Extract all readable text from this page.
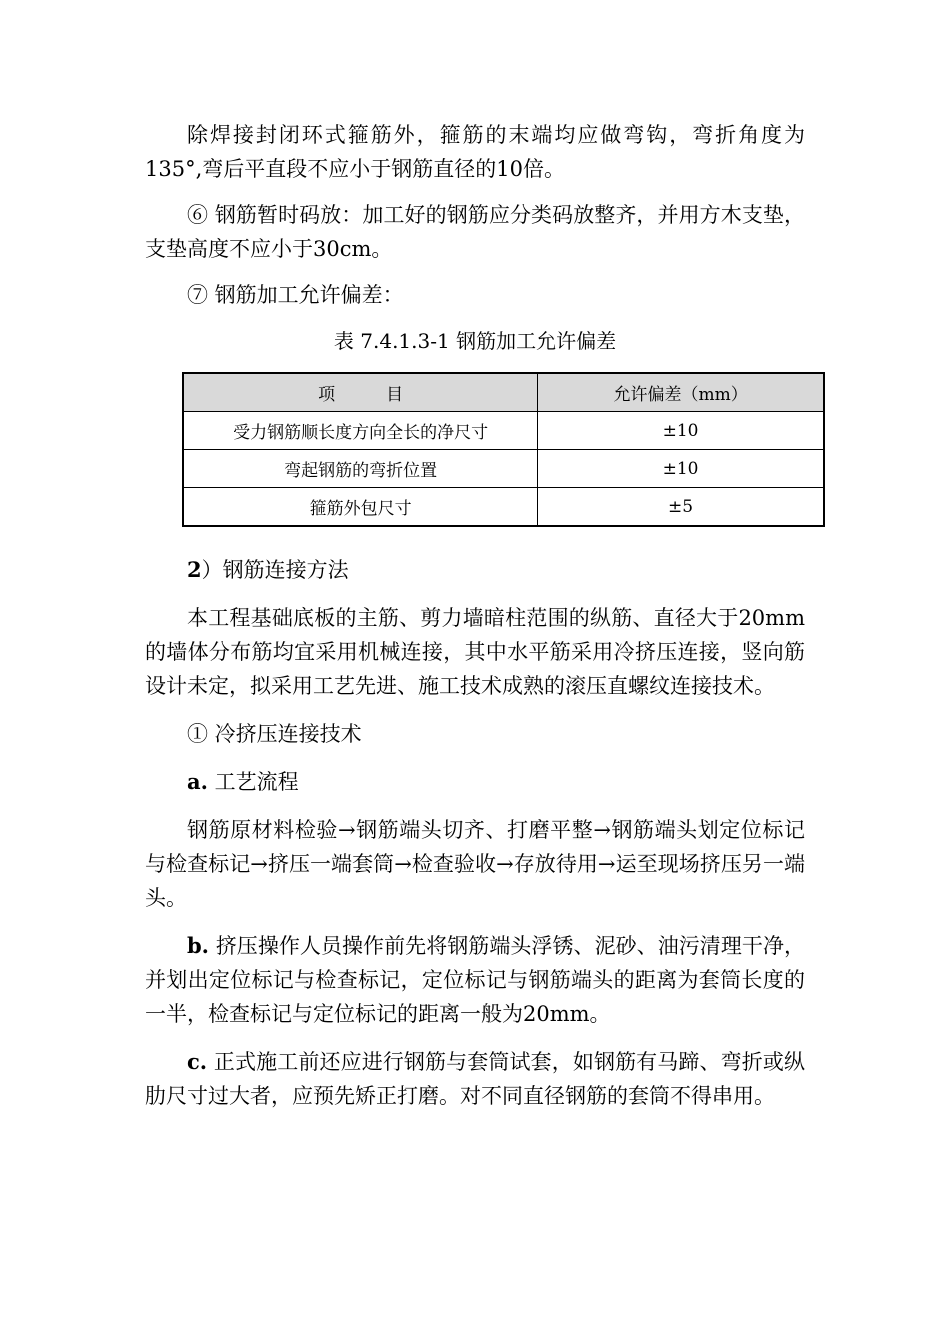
除焊接封闭环式箍筋外，箍筋的末端均应做弯钩，弯折角度为135°,弯后平直段不应小于钢筋直径的10倍。

⑥ 钢筋暂时码放：加工好的钢筋应分类码放整齐，并用方木支垫，支垫高度不应小于30cm。

⑦ 钢筋加工允许偏差：

表 7.4.1.3-1 钢筋加工允许偏差
项　　　目	允许偏差（mm）
受力钢筋顺长度方向全长的净尺寸	±10
弯起钢筋的弯折位置	±10
箍筋外包尺寸	±5

2）钢筋连接方法

本工程基础底板的主筋、剪力墙暗柱范围的纵筋、直径大于20mm的墙体分布筋均宜采用机械连接，其中水平筋采用冷挤压连接，竖向筋设计未定，拟采用工艺先进、施工技术成熟的滚压直螺纹连接技术。

① 冷挤压连接技术

a. 工艺流程

钢筋原材料检验→钢筋端头切齐、打磨平整→钢筋端头划定位标记与检查标记→挤压一端套筒→检查验收→存放待用→运至现场挤压另一端头。

b. 挤压操作人员操作前先将钢筋端头浮锈、泥砂、油污清理干净，并划出定位标记与检查标记，定位标记与钢筋端头的距离为套筒长度的一半，检查标记与定位标记的距离一般为20mm。

c. 正式施工前还应进行钢筋与套筒试套，如钢筋有马蹄、弯折或纵肋尺寸过大者，应预先矫正打磨。对不同直径钢筋的套筒不得串用。
